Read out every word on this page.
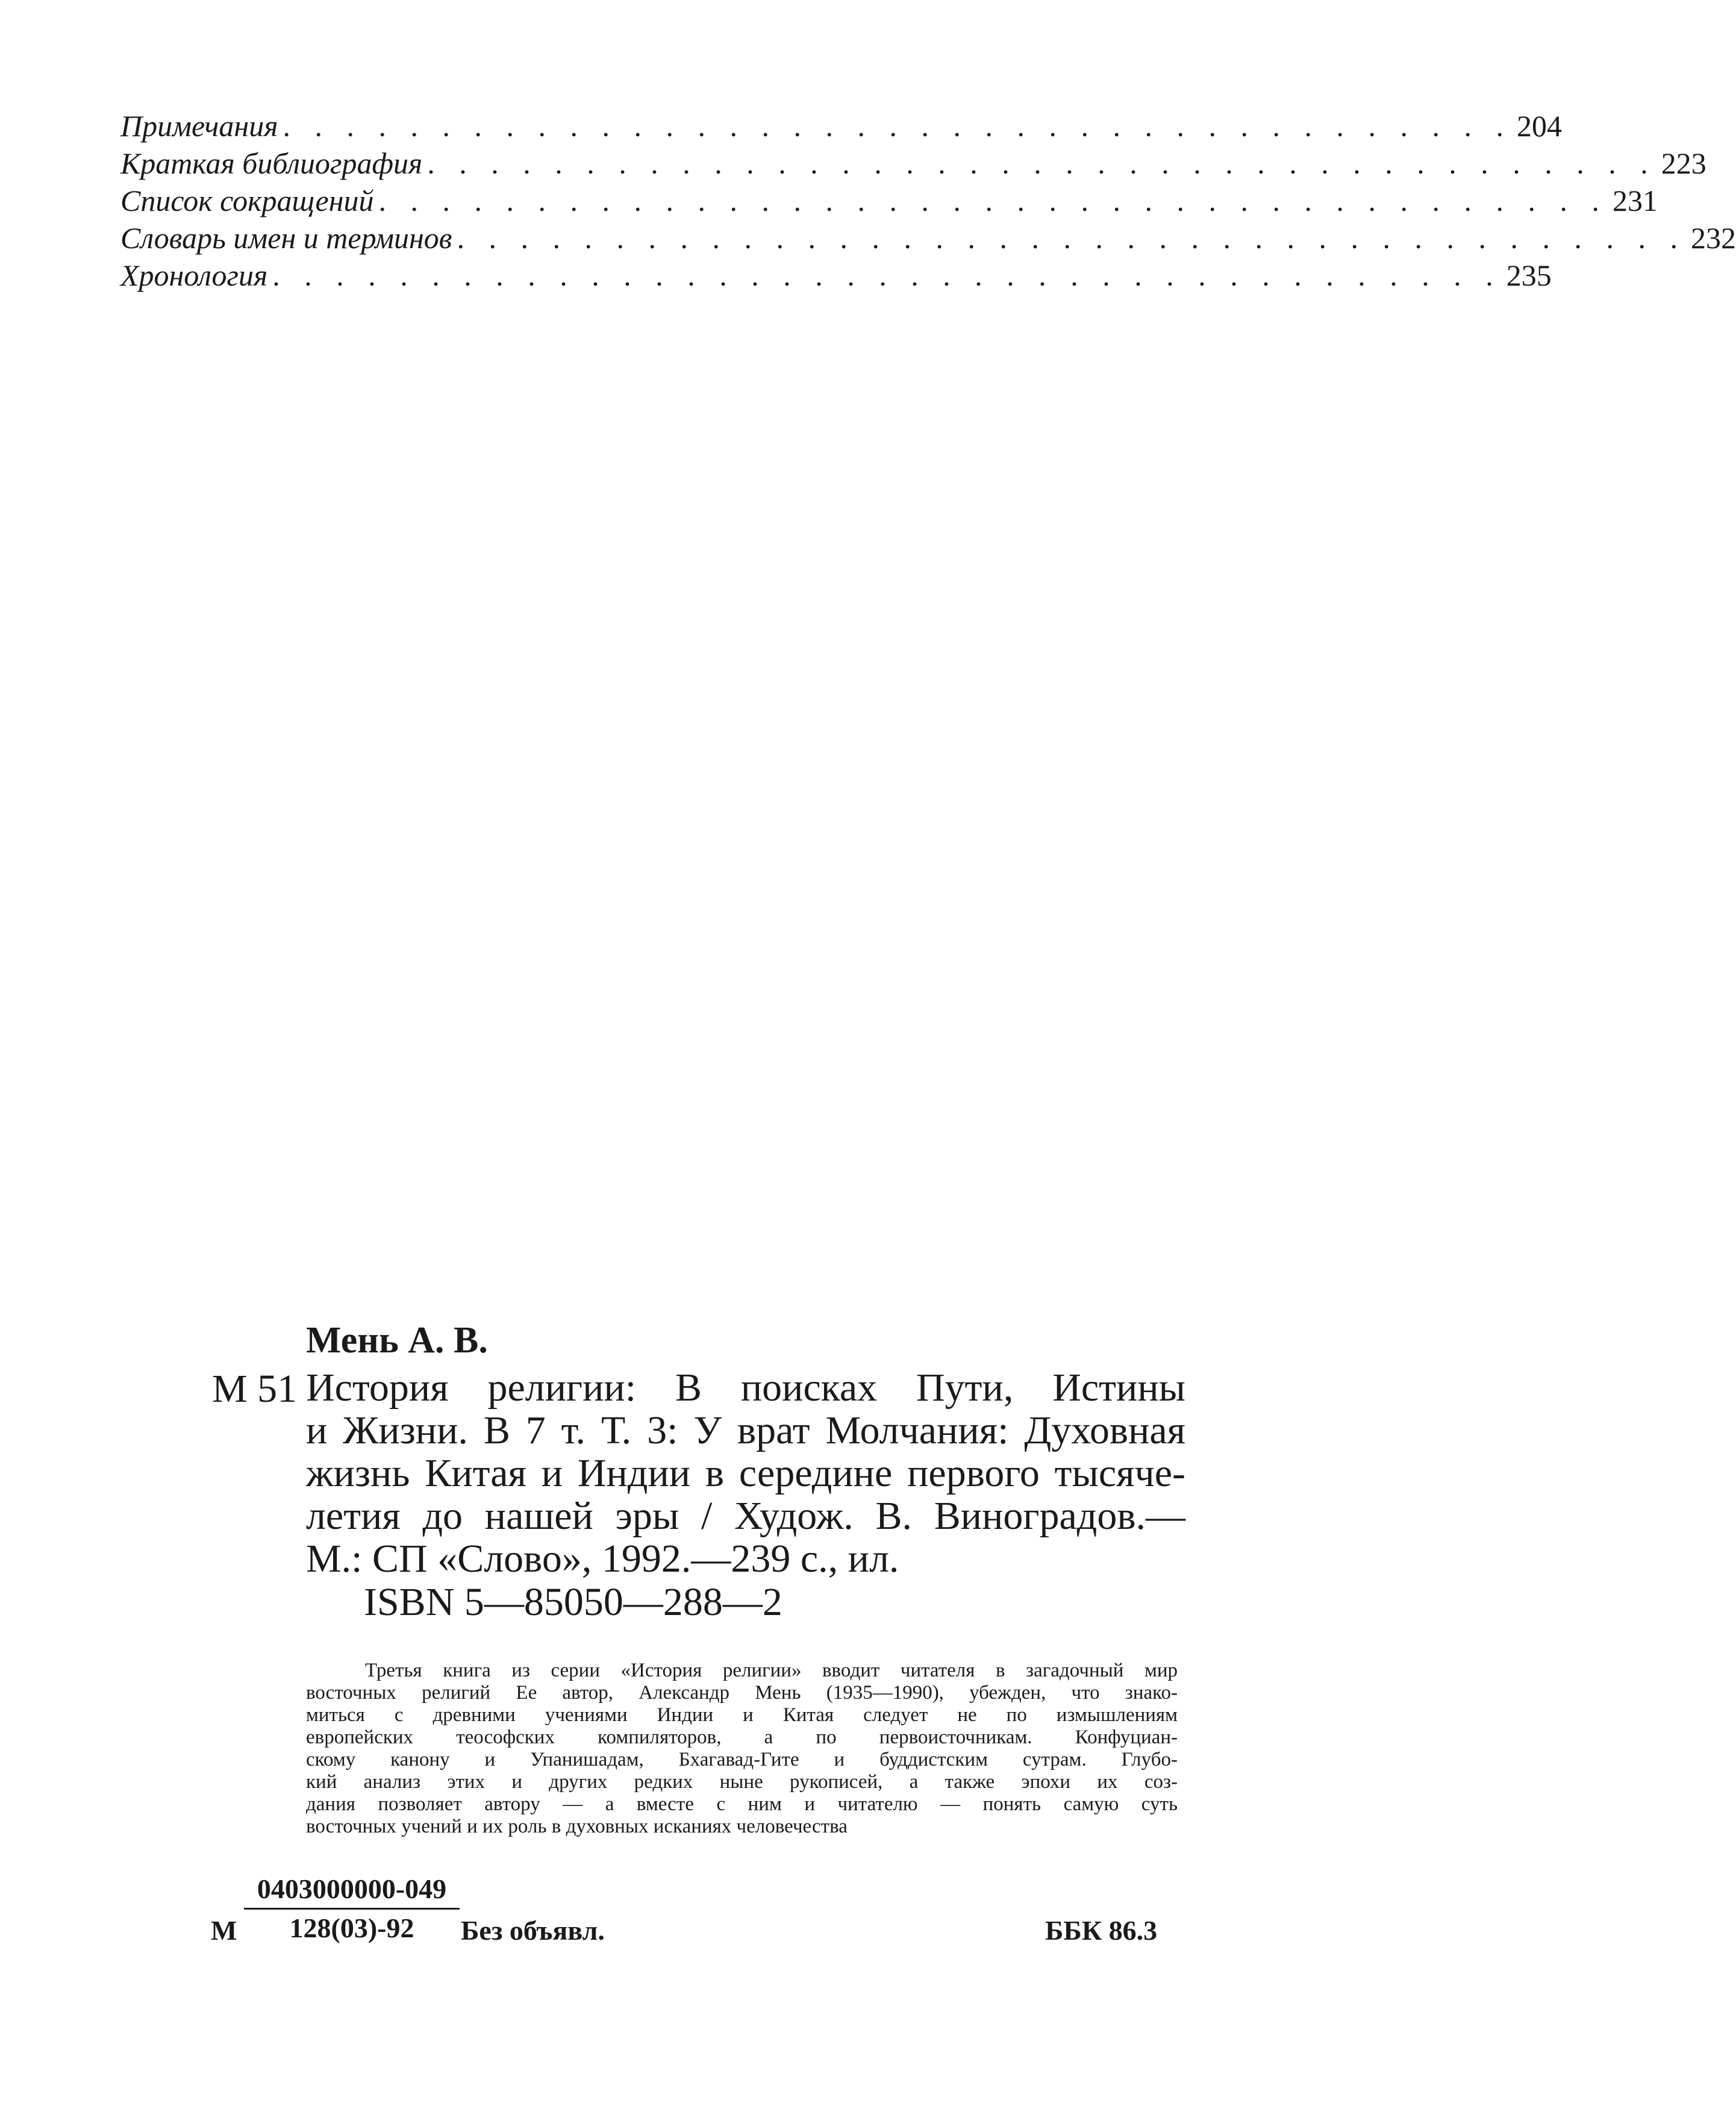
Примечания . . . . . . . . . . . . . . . . . . . . . . . . . . . . . . . . . . . . . . . 204
Краткая библиография . . . . . . . . . . . . . . . . . . . . . . . . . . . . . . . . . . . . . . . 223
Список сокращений . . . . . . . . . . . . . . . . . . . . . . . . . . . . . . . . . . . . . . . 231
Словарь имен и терминов . . . . . . . . . . . . . . . . . . . . . . . . . . . . . . . . . . . . . . . 232
Хронология . . . . . . . . . . . . . . . . . . . . . . . . . . . . . . . . . . . . . . . 235
Мень А. В.
М 51 История религии: В поисках Пути, Истины
и Жизни. В 7 т. Т. 3: У врат Молчания: Духовная
жизнь Китая и Индии в середине первого тысяче-
летия до нашей эры / Худож. В. Виноградов.—
М.: СП «Слово», 1992.—239 с., ил.
ISBN 5—85050—288—2
Третья книга из серии «История религии» вводит читателя в загадочный мир
восточных религий Ее автор, Александр Мень (1935—1990), убежден, что знако-
миться с древними учениями Индии и Китая следует не по измышлениям
европейских теософских компиляторов, а по первоисточникам. Конфуциан-
скому канону и Упанишадам, Бхагавад-Гите и буддистским сутрам. Глубо-
кий анализ этих и других редких ныне рукописей, а также эпохи их соз-
дания позволяет автору — а вместе с ним и читателю — понять самую суть
восточных учений и их роль в духовных исканиях человечества
М $\frac{0403000000-049}{128(03)-92}$ Без объявл.	ББК 86.3
